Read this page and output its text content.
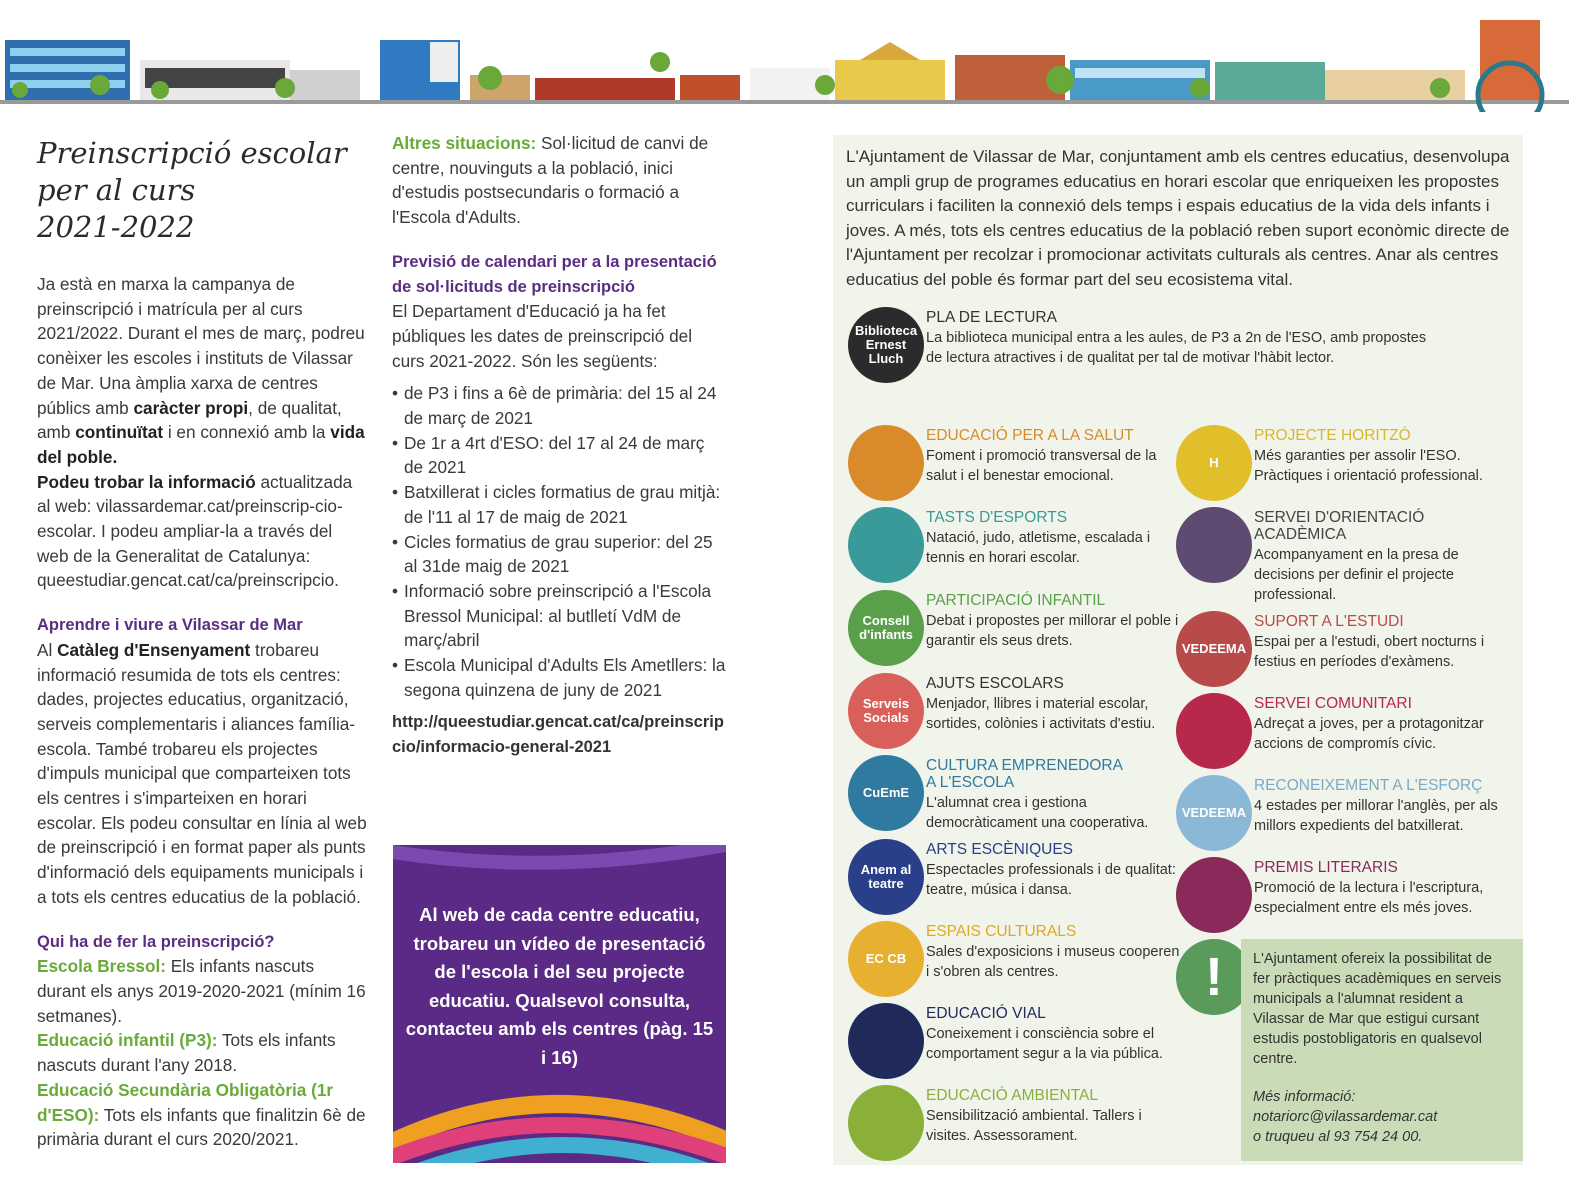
Preinscripció escolar
per al curs
2021-2022

Ja està en marxa la campanya de preinscripció i matrícula per al curs 2021/2022. Durant el mes de març, podreu conèixer les escoles i instituts de Vilassar de Mar. Una àmplia xarxa de centres públics amb caràcter propi, de qualitat, amb continuïtat i en connexió amb la vida del poble.

Podeu trobar la informació actualitzada al web: vilassardemar.cat/preinscrip-cio-escolar. I podeu ampliar-la a través del web de la Generalitat de Catalunya: queestudiar.gencat.cat/ca/preinscripcio.

Aprendre i viure a Vilassar de Mar

Al Catàleg d'Ensenyament trobareu informació resumida de tots els centres: dades, projectes educatius, organització, serveis complementaris i aliances família-escola. També trobareu els projectes d'impuls municipal que comparteixen tots els centres i s'imparteixen en horari escolar. Els podeu consultar en línia al web de preinscripció i en format paper als punts d'informació dels equipaments municipals i a tots els centres educatius de la població.

Qui ha de fer la preinscripció?

Escola Bressol: Els infants nascuts durant els anys 2019-2020-2021 (mínim 16 setmanes).

Educació infantil (P3): Tots els infants nascuts durant l'any 2018.

Educació Secundària Obligatòria (1r d'ESO): Tots els infants que finalitzin 6è de primària durant el curs 2020/2021.

Altres situacions: Sol·licitud de canvi de centre, nouvinguts a la població, inici d'estudis postsecundaris o formació a l'Escola d'Adults.

Previsió de calendari per a la presentació de sol·licituds de preinscripció

El Departament d'Educació ja ha fet públiques les dates de preinscripció del curs 2021-2022. Són les següents:

• de P3 i fins a 6è de primària: del 15 al 24 de març de 2021
• De 1r a 4rt d'ESO: del 17 al 24 de març de 2021
• Batxillerat i cicles formatius de grau mitjà: de l'11 al 17 de maig de 2021
• Cicles formatius de grau superior: del 25 al 31de maig de 2021
• Informació sobre preinscripció a l'Escola Bressol Municipal: al butlletí VdM de març/abril
• Escola Municipal d'Adults Els Ametllers: la segona quinzena de juny de 2021
http://queestudiar.gencat.cat/ca/preinscripcio/informacio-general-2021

Al web de cada centre educatiu, trobareu un vídeo de presentació de l'escola i del seu projecte educatiu. Qualsevol consulta, contacteu amb els centres (pàg. 15 i 16)

L'Ajuntament de Vilassar de Mar, conjuntament amb els centres educatius, desenvolupa un ampli grup de programes educatius en horari escolar que enriqueixen les propostes curriculars i faciliten la connexió dels temps i espais educatius de la vida dels infants i joves. A més, tots els centres educatius de la població reben suport econòmic directe de l'Ajuntament per recolzar i promocionar activitats culturals als centres. Anar als centres educatius del poble és formar part del seu ecosistema vital.

Biblioteca Ernest Lluch
PLA DE LECTURA
La biblioteca municipal entra a les aules, de P3 a 2n de l'ESO, amb propostes de lectura atractives i de qualitat per tal de motivar l'hàbit lector.
EDUCACIÓ PER A LA SALUT
Foment i promoció transversal de la salut i el benestar emocional.
H
PROJECTE HORITZÓ
Més garanties per assolir l'ESO. Pràctiques i orientació professional.
TASTS D'ESPORTS
Natació, judo, atletisme, escalada i tennis en horari escolar.
SERVEI D'ORIENTACIÓ ACADÈMICA
Acompanyament en la presa de decisions per definir el projecte professional.
Consell d'infants
PARTICIPACIÓ INFANTIL
Debat i propostes per millorar el poble i garantir els seus drets.	VEDEEMA
SUPORT A L'ESTUDI
Espai per a l'estudi, obert nocturns i festius en períodes d'exàmens.
Serveis Socials
AJUTS ESCOLARS
Menjador, llibres i material escolar, sortides, colònies i activitats d'estiu.
SERVEI COMUNITARI
Adreçat a joves, per a protagonitzar accions de compromís cívic.
CuEmE
CULTURA EMPRENEDORA A L'ESCOLA
L'alumnat crea i gestiona democràticament una cooperativa.
VEDEEMA
RECONEIXEMENT A L'ESFORÇ
4 estades per millorar l'anglès, per als millors expedients del batxillerat.
Anem al teatre
ARTS ESCÈNIQUES
Espectacles professionals i de qualitat: teatre, música i dansa.
PREMIS LITERARIS
Promoció de la lectura i l'escriptura, especialment entre els més joves.
EC CB
ESPAIS CULTURALS
Sales d'exposicions i museus cooperen i s'obren als centres.
EDUCACIÓ VIAL
Coneixement i consciència sobre el comportament segur a la via pública.
EDUCACIÓ AMBIENTAL
Sensibilització ambiental. Tallers i visites. Assessorament.
!	L'Ajuntament ofereix la possibilitat de fer pràctiques acadèmiques en serveis municipals a l'alumnat resident a Vilassar de Mar que estigui cursant estudis postobligatoris en qualsevol centre.

Més informació:

notariorc@vilassardemar.cat

o truqueu al 93 754 24 00.
